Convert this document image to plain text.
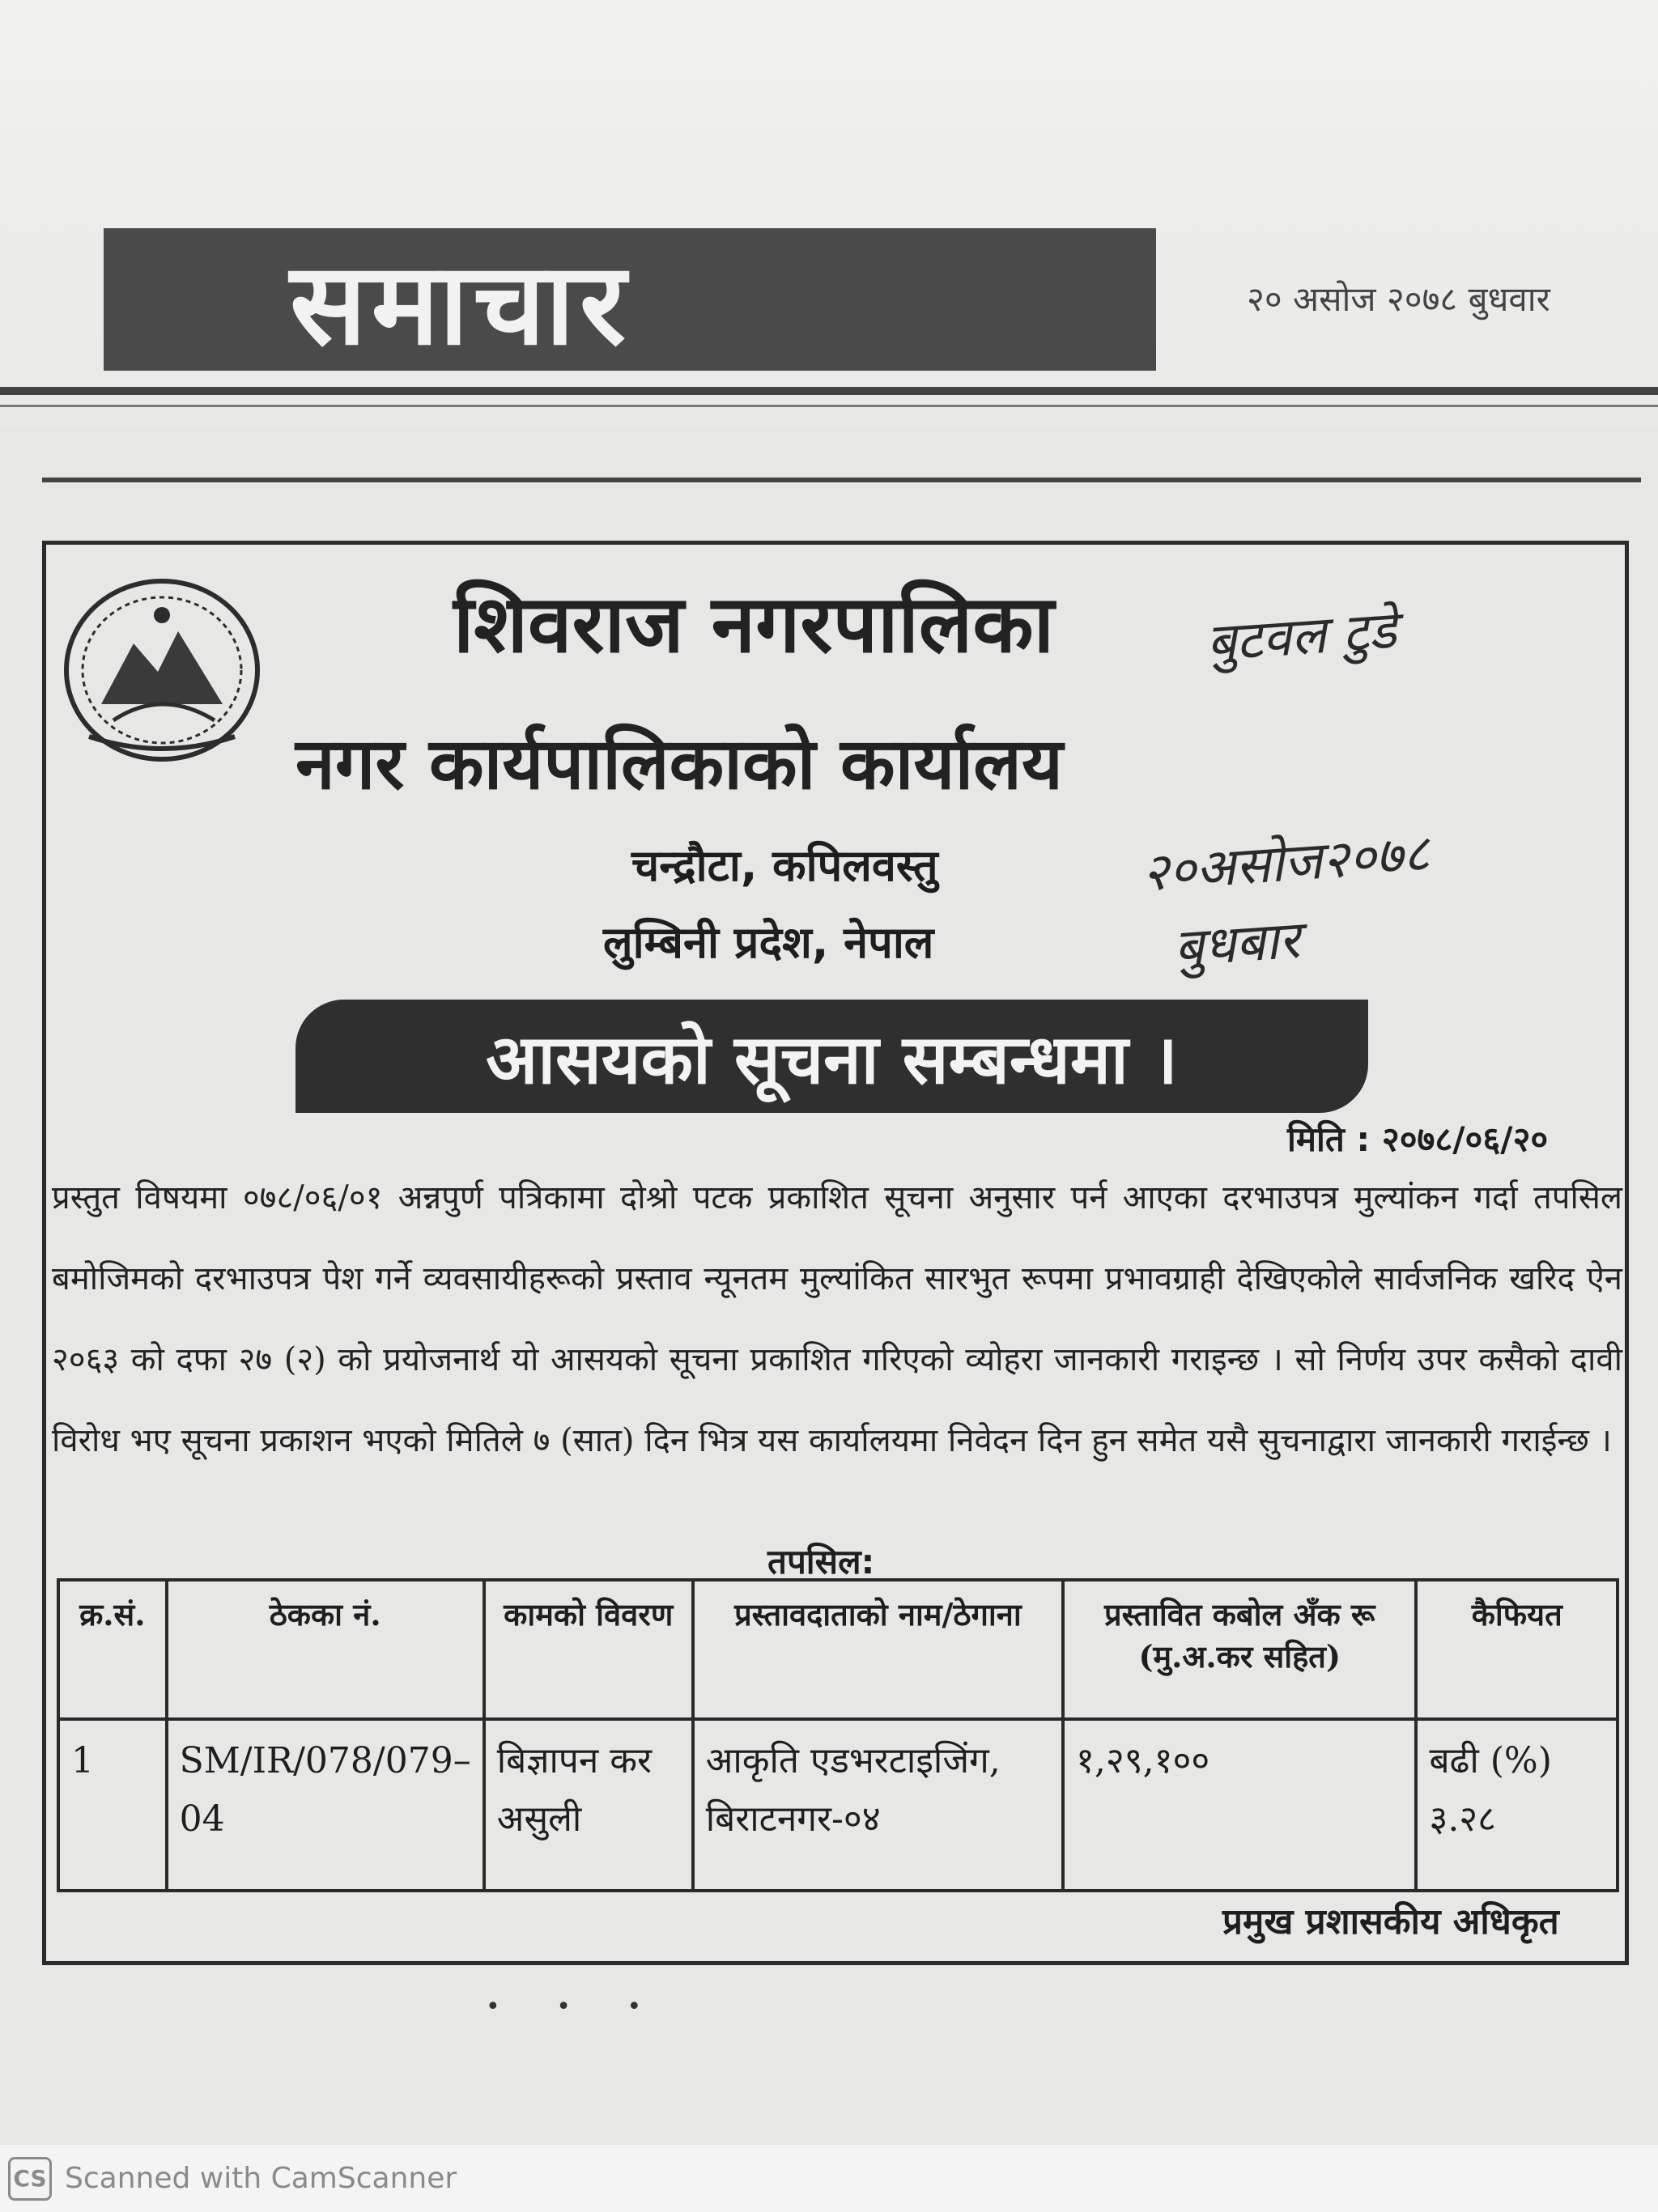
समाचार	२० असोज २०७८ बुधवार
शिवराज नगरपालिका	बुटवल टुडे
नगर कार्यपालिकाको कार्यालय
चन्द्रौटा, कपिलवस्तु	२०असोज२०७८
लुम्बिनी प्रदेश, नेपाल	बुधबार
आसयको सूचना सम्बन्धमा ।
मिति : २०७८/०६/२०
प्रस्तुत विषयमा ०७८/०६/०१ अन्नपुर्ण पत्रिकामा दोश्रो पटक प्रकाशित सूचना अनुसार पर्न आएका दरभाउपत्र मुल्यांकन गर्दा तपसिल बमोजिमको दरभाउपत्र पेश गर्ने व्यवसायीहरूको प्रस्ताव न्यूनतम मुल्यांकित सारभुत रूपमा प्रभावग्राही देखिएकोले सार्वजनिक खरिद ऐन २०६३ को दफा २७ (२) को प्रयोजनार्थ यो आसयको सूचना प्रकाशित गरिएको व्योहरा जानकारी गराइन्छ । सो निर्णय उपर कसैको दावी विरोध भए सूचना प्रकाशन भएको मितिले ७ (सात) दिन भित्र यस कार्यालयमा निवेदन दिन हुन समेत यसै सुचनाद्वारा जानकारी गराईन्छ ।
तपसिल:
क्र.सं.	ठेकका नं.	कामको विवरण	प्रस्तावदाताको नाम/ठेगाना	प्रस्तावित कबोल अँक रू (मु.अ.कर सहित)	कैफियत
1	SM/IR/078/079–04	बिज्ञापन कर असुली	आकृति एडभरटाइजिंग, बिराटनगर-०४	१,२९,१००	बढी (%) ३.२८
प्रमुख प्रशासकीय अधिकृत
• • •
CS Scanned with CamScanner
